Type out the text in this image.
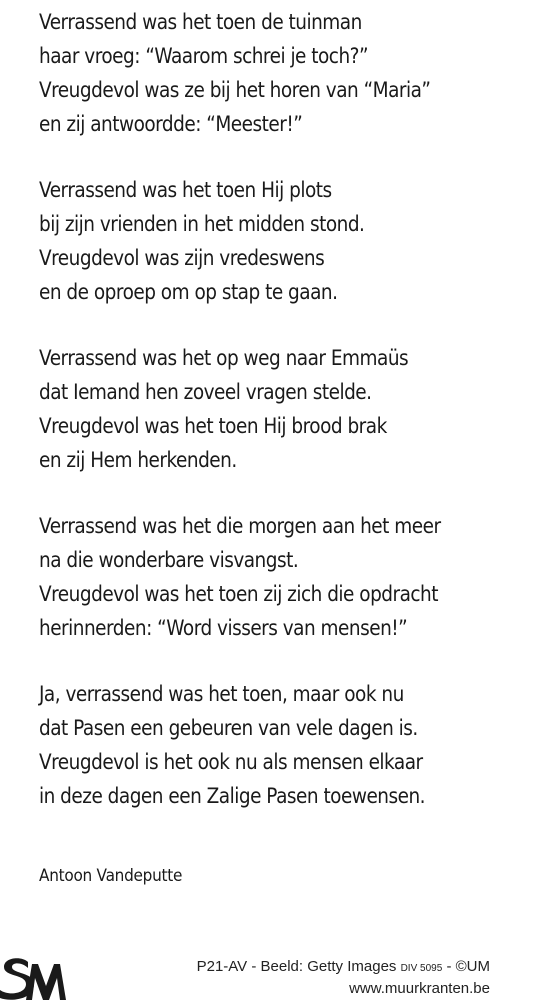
Verrassend was het toen de tuinman
haar vroeg: “Waarom schrei je toch?”
Vreugdevol was ze bij het horen van “Maria”
en zij antwoordde: “Meester!”
Verrassend was het toen Hij plots
bij zijn vrienden in het midden stond.
Vreugdevol was zijn vredeswens
en de oproep om op stap te gaan.
Verrassend was het op weg naar Emmaüs
dat Iemand hen zoveel vragen stelde.
Vreugdevol was het toen Hij brood brak
en zij Hem herkenden.
Verrassend was het die morgen aan het meer
na die wonderbare visvangst.
Vreugdevol was het toen zij zich die opdracht
herinnerden: “Word vissers van mensen!”
Ja, verrassend was het toen, maar ook nu
dat Pasen een gebeuren van vele dagen is.
Vreugdevol is het ook nu als mensen elkaar
in deze dagen een Zalige Pasen toewensen.
Antoon Vandeputte
P21-AV - Beeld: Getty Images DIV 5095 - ©UM
www.muurkranten.be
